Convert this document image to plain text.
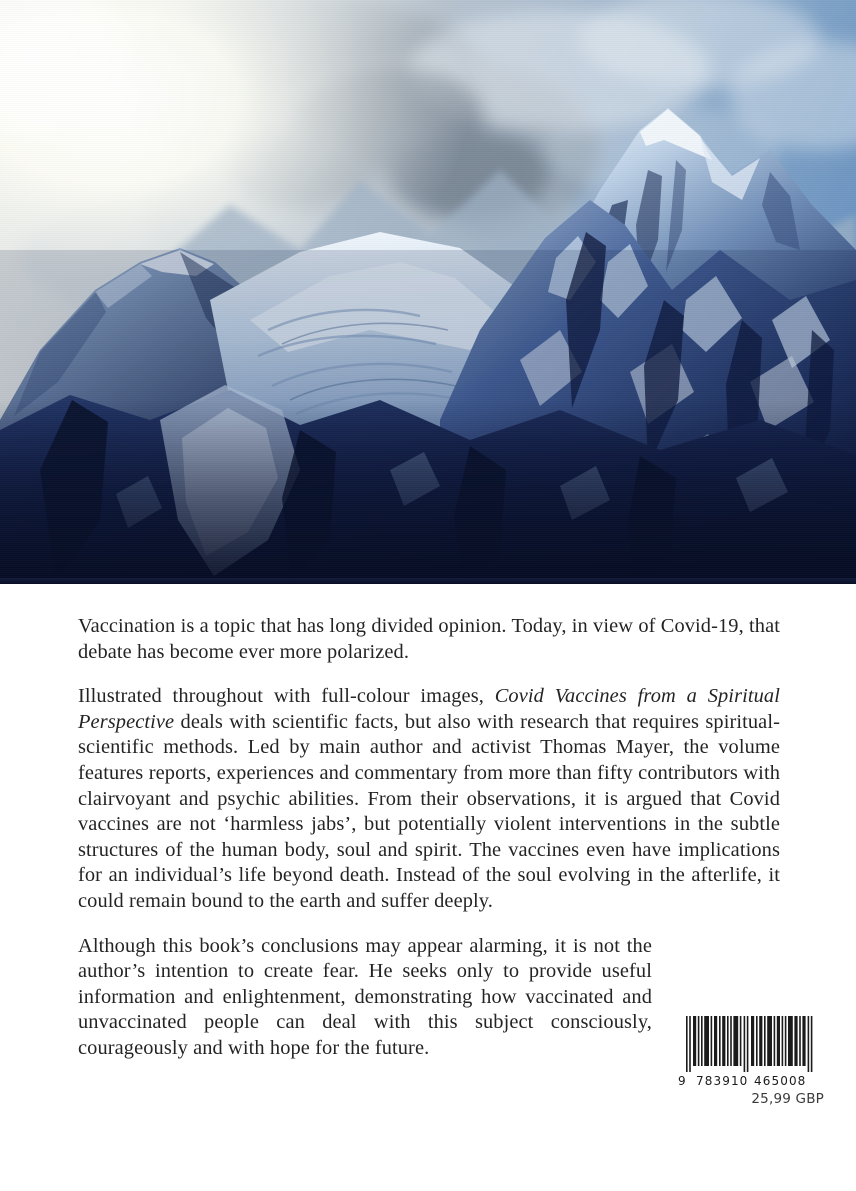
Vaccination is a topic that has long divided opinion. Today, in view of Covid-19, that debate has become ever more polarized.

Illustrated throughout with full-colour images, Covid Vaccines from a Spiritual Perspective deals with scientific facts, but also with research that requires spiritual-scientific methods. Led by main author and activist Thomas Mayer, the volume features reports, experiences and commentary from more than fifty contributors with clairvoyant and psychic abilities. From their observations, it is argued that Covid vaccines are not ‘harmless jabs’, but potentially violent interventions in the subtle structures of the human body, soul and spirit. The vaccines even have implications for an individual’s life beyond death. Instead of the soul evolving in the afterlife, it could remain bound to the earth and suffer deeply.

Although this book’s conclusions may appear alarming, it is not the author’s intention to create fear. He seeks only to provide useful information and enlightenment, demonstrating how vaccinated and unvaccinated people can deal with this subject consciously, courageously and with hope for the future.

9 783910 465008

25,99 GBP
